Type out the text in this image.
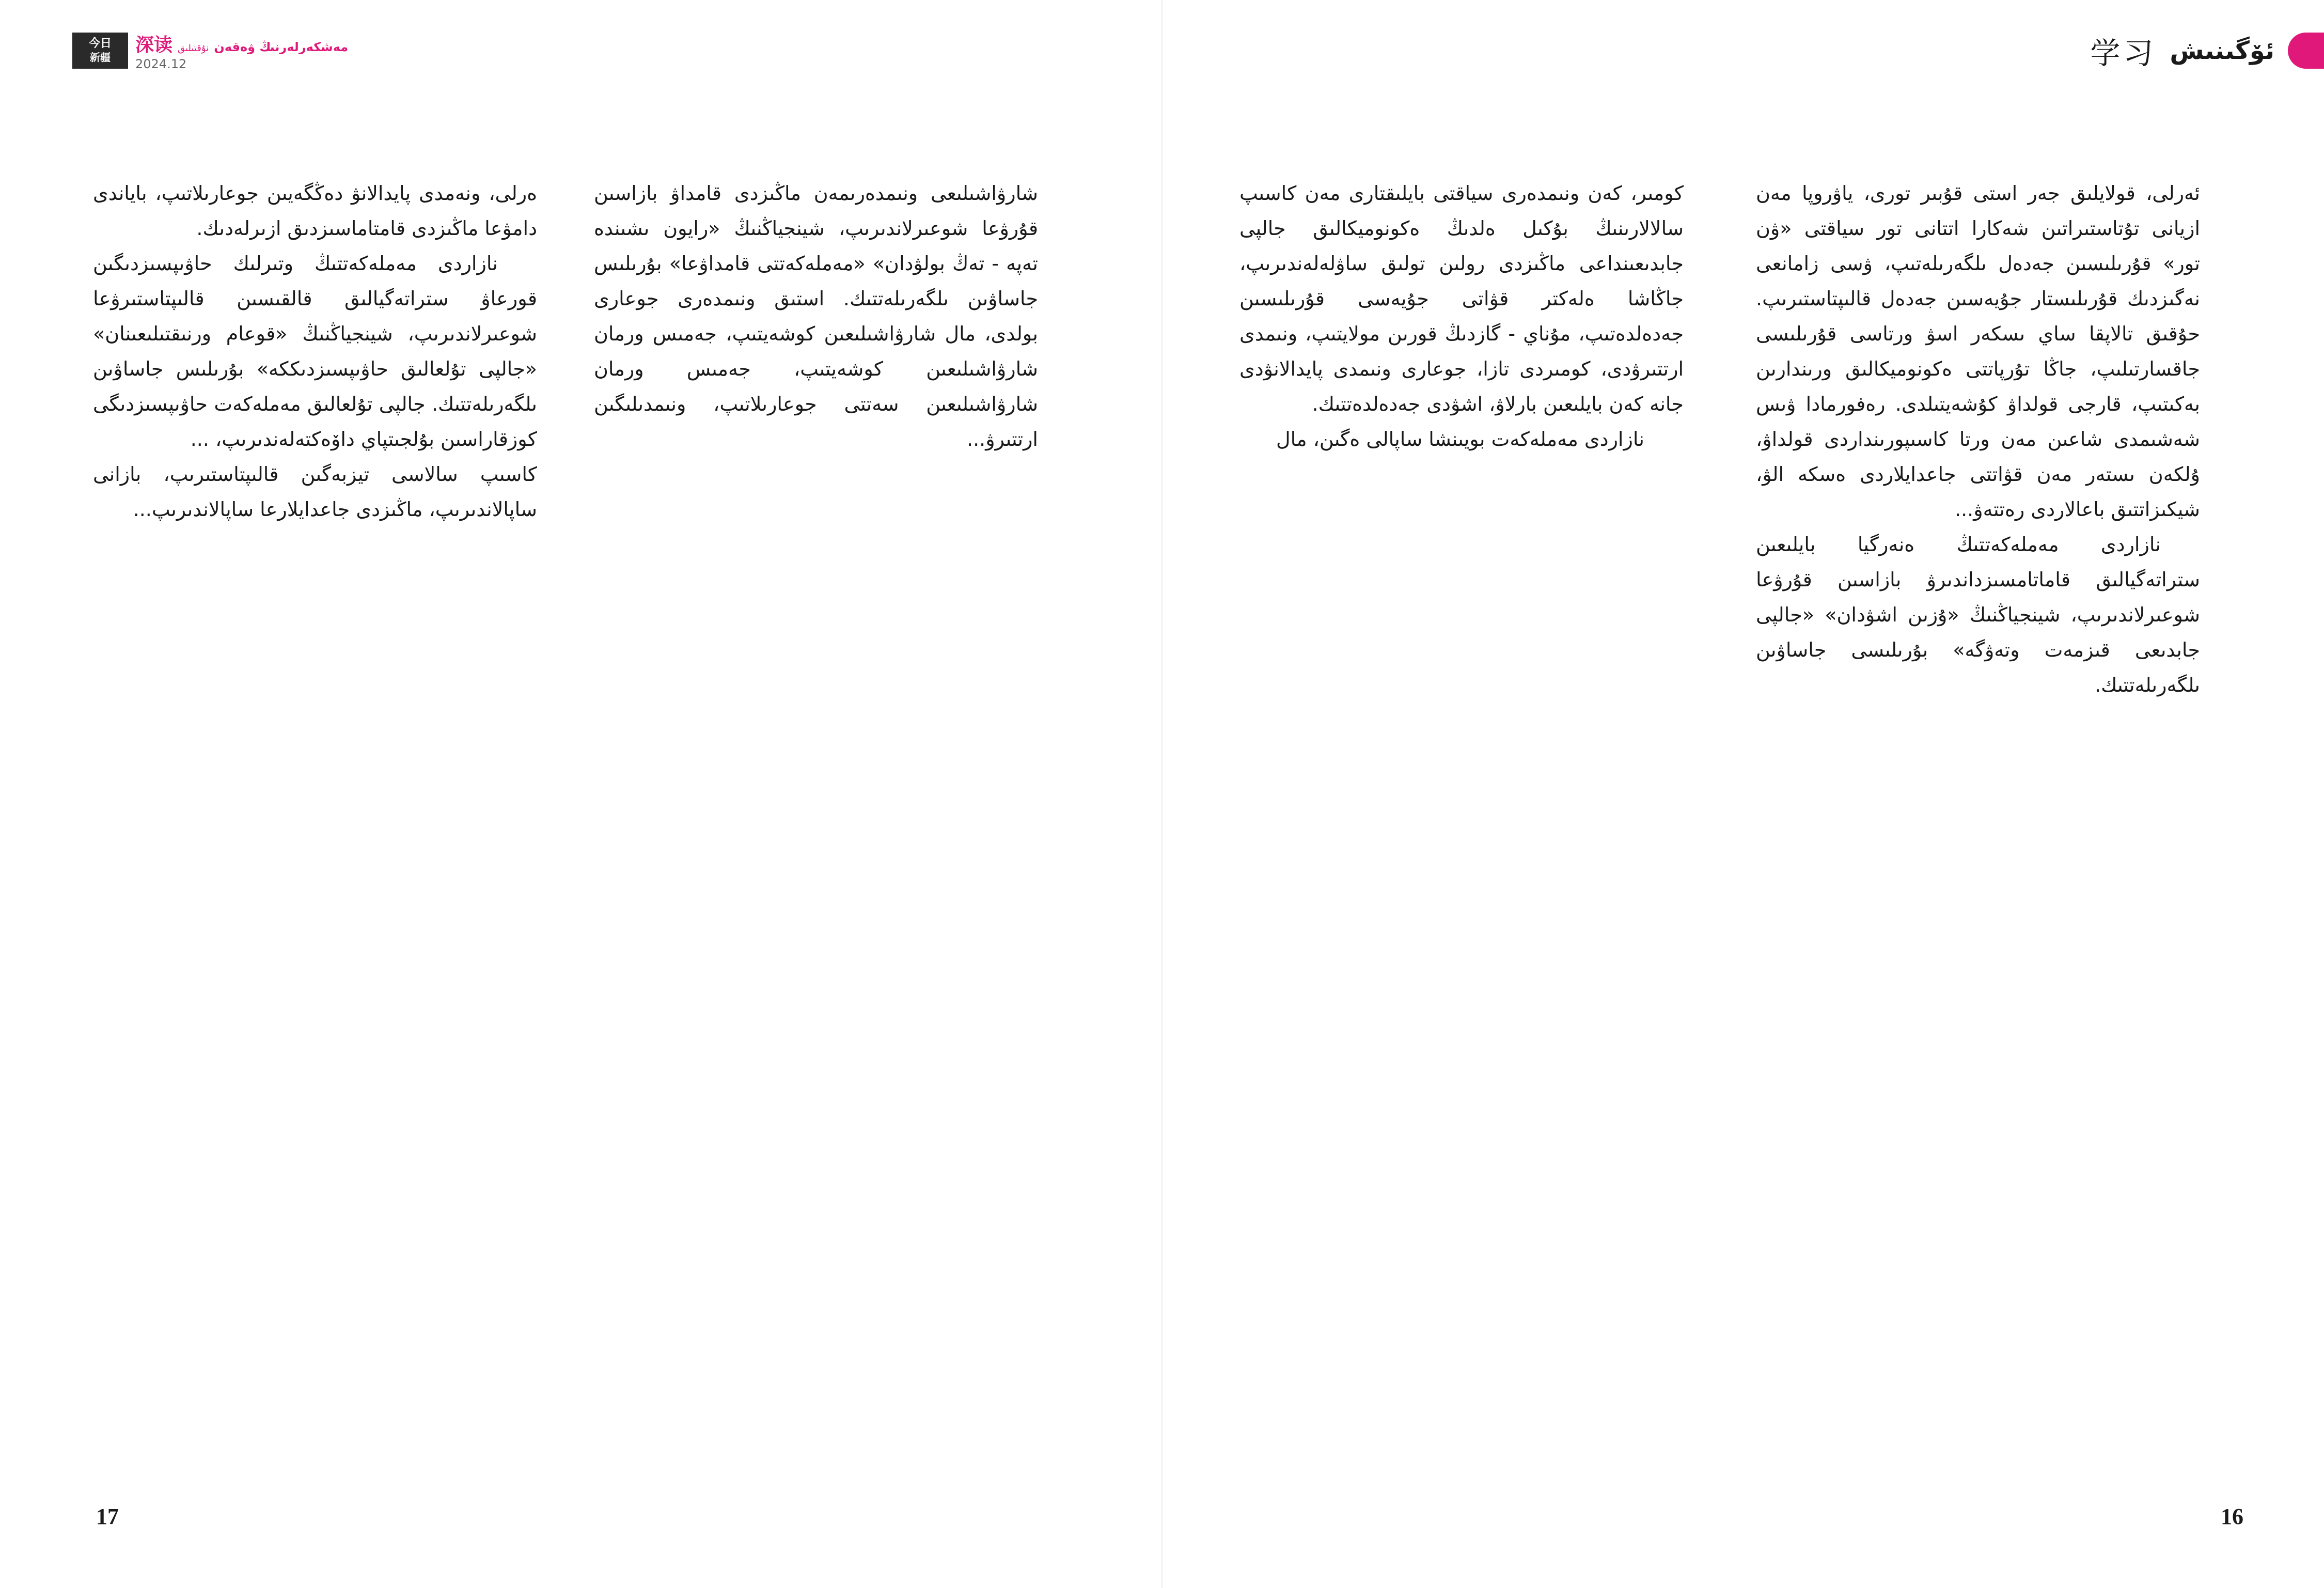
今日
新疆
深读 نۇقتىلىق مەشكەرلەرنىڭ ۋەقەن
2024.12	学习 ئۆگىنىش

ئەرلى، قولايلىق جەر استى قۇبىر تورى، ياۋروپا مەن ازيانى تۇتاستىراتىن شەكارا اتتانى تور سياقتى «ۋن تور» قۇرىلىسىن جەدەل ىلگەرىلەتىپ، ۋسى زامانعى نەگىزدىك قۇرىلىستار جۇيەسىن جەدەل قالىپتاستىرىپ. حۇقىق تالاپقا ساي ىسكەر اسۋ ورتاسى قۇرىلىسى جاقسارتىلىپ، جاڭا تۇرپاتتى ەكونوميكالىق ورىندارىن بەكىتىپ، قارجى قولداۋ كۇشەيتىلدى. رەفورمادا ۋىس شەشىمدى شاعىن مەن ورتا كاسىپورىنداردى قولداۋ، ۇلكەن ىستەر مەن قۋاتتى جاعدايلاردى ەسكە الۋ، شيكىزاتتىق باعالاردى رەتتەۋ...

نازاردى مەملەكەتتىڭ ەنەرگيا بايلىعىن ستراتەگيالىق قاماتامسىزداندىرۋ بازاسىن قۇرۋعا شوعىرلاندىرىپ، شينجياڭنىڭ «ۇزىن اشۋدان» «جالپى جابدىعى قىزمەت وتەۋگە» بۇرىلىسى جاساۋىن ىلگەرىلەتتىك.

كومىر، كەن ونىمدەرى سياقتى بايلىقتارى مەن كاسىپ سالالارىنىڭ بۇكىل ەلدىڭ ەكونوميكالىق جالپى جابدىعىنداعى ماڭىزدى رولىن تولىق ساۋلەلەندىرىپ، جاڭاشا ەلەكتر قۋاتى جۇيەسى قۇرىلىسىن جەدەلدەتىپ، مۇناي - گازدىڭ قورىن مولايتىپ، ونىمدى ارتتىرۋدى، كومىردى تازا، جوعارى ونىمدى پايدالانۋدى جانە كەن بايلىعىن بارلاۋ، اشۋدى جەدەلدەتتىك.

نازاردى مەملەكەت بويىنشا ساپالى ەگىن، مال

شارۋاشىلىعى ونىمدەرىمەن ماڭىزدى قامداۋ بازاسىن قۇرۋعا شوعىرلاندىرىپ، شينجياڭنىڭ «رايون ىشىندە تەپە - تەڭ بولۋدان» «مەملەكەتتى قامداۋعا» بۇرىلىس جاساۋىن ىلگەرىلەتتىك. استىق ونىمدەرى جوعارى بولدى، مال شارۋاشىلىعىن كوشەيتىپ، جەمىس ورمان شارۋاشىلىعىن كوشەيتىپ، جەمىس ورمان شارۋاشىلىعىن سەتتى جوعارىلاتىپ، ونىمدىلىگىن ارتتىرۋ...

ەرلى، ونەمدى پايدالانۋ دەڭگەيىن جوعارىلاتىپ، باياندى دامۋعا ماڭىزدى قامتاماسىزدىق ازىرلەدىك.

نازاردى مەملەكەتتىڭ وتىرلىك حاۋىپسىزدىگىن قورعاۋ ستراتەگيالىق قالقىسىن قالىپتاستىرۋعا شوعىرلاندىرىپ، شينجياڭنىڭ «قوعام ورنىقتىلىعىنان» «جالپى تۇلعالىق حاۋىپسىزدىككە» بۇرىلىس جاساۋىن ىلگەرىلەتتىك. جالپى تۇلعالىق مەملەكەت حاۋىپسىزدىگى كوزقاراسىن بۇلجىتپاي داۆەكتەلەندىرىپ، ...

كاسىپ سالاسى تيزبەگىن قالىپتاستىرىپ، بازانى ساپالاندىرىپ، ماڭىزدى جاعدايلارعا ساپالاندىرىپ...

17	16
